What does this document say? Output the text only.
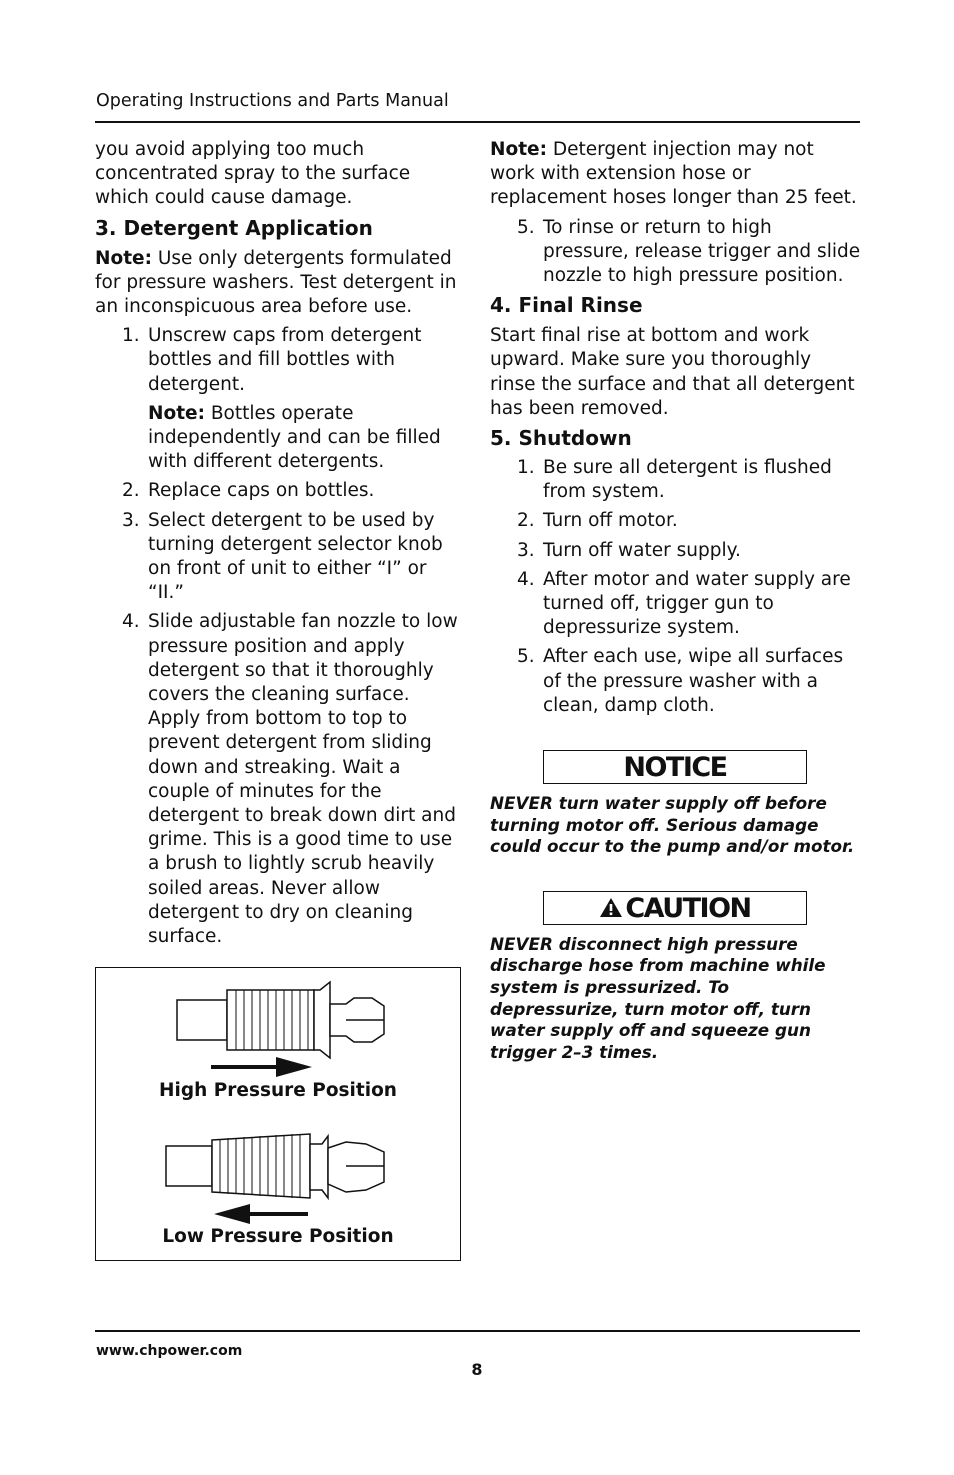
Operating Instructions and Parts Manual

you avoid applying too much concentrated spray to the surface which could cause damage.

3. Detergent Application

Note: Use only detergents formulated for pressure washers. Test detergent in an inconspicuous area before use.

1. Unscrew caps from detergent bottles and fill bottles with detergent.

Note: Bottles operate independently and can be filled with different detergents.

2. Replace caps on bottles.
3. Select detergent to be used by turning detergent selector knob on front of unit to either “I” or “II.”
4. Slide adjustable fan nozzle to low pressure position and apply detergent so that it thoroughly covers the cleaning surface. Apply from bottom to top to prevent detergent from sliding down and streaking. Wait a couple of minutes for the detergent to break down dirt and grime. This is a good time to use a brush to lightly scrub heavily soiled areas. Never allow detergent to dry on cleaning surface.
High Pressure Position
Low Pressure Position

Note: Detergent injection may not work with extension hose or replacement hoses longer than 25 feet.

5. To rinse or return to high pressure, release trigger and slide nozzle to high pressure position.
4. Final Rinse

Start final rise at bottom and work upward. Make sure you thoroughly rinse the surface and that all detergent has been removed.

5. Shutdown
1. Be sure all detergent is flushed from system.
2. Turn off motor.
3. Turn off water supply.
4. After motor and water supply are turned off, trigger gun to depressurize system.
5. After each use, wipe all surfaces of the pressure washer with a clean, damp cloth.
NOTICE

NEVER turn water supply off before turning motor off. Serious damage could occur to the pump and/or motor.

CAUTION

NEVER disconnect high pressure discharge hose from machine while system is pressurized. To depressurize, turn motor off, turn water supply off and squeeze gun trigger 2–3 times.

www.chpower.com
8
